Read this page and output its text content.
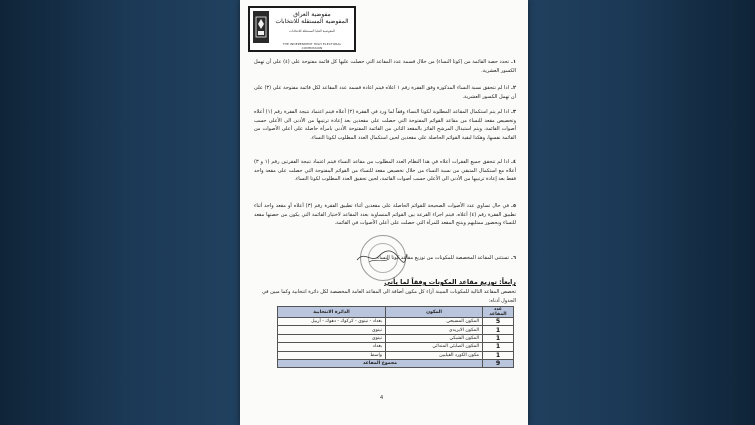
مفوضية العراق
المفوضية المستقلة للانتخابات
المفوضية العليا المستقلة للانتخابات
THE INDEPENDENT HIGH ELECTORAL COMMISSION
١.تحدد حصة القائمة من (كوتا النساء) من خلال قسمة عدد المقاعد التي حصلت عليها كل قائمة مفتوحة على (٤) على أن تهمل الكسور العشرية.
٢.اذا لم تتحقق نسبة النساء المذكورة وفق الفقرة رقم ١ اعلاه فيتم اعادة قسمة عدد المقاعد لكل قائمة مفتوحة على (٣) على أن تهمل الكسور العشرية.
٣.اذا لم يتم استكمال المقاعد المطلوبة لكوتا النساء وفقاً لما ورد في الفقرة (٢) أعلاه فيتم اعتماد نتيجة الفقرة رقم (١) أعلاه وتخصيص مقعد للنساء من مقاعد القوائم المفتوحة التي حصلت على مقعدين بعد إعادة ترتيبها من الأدنى الى الأعلى حسب أصوات القائمة، ويتم استبدال المرشح الفائز بالمقعد الثاني من القائمة المفتوحة الأدنى بامرأة حاصلة على أعلى الأصوات من القائمة نفسها، وهكذا لبقية القوائم الحاصلة على مقعدين لحين استكمال العدد المطلوب لكوتا النساء.
٤.اذا لم تتحقق جميع الفقرات أعلاه في هذا النظام العدد المطلوب من مقاعد النساء فيتم اعتماد نتيجة الفقرتين رقم (١ و ٣) أعلاه مع استكمال المتبقي من نسبة النساء من خلال تخصيص مقعد للنساء من القوائم المفتوحة التي حصلت على مقعد واحد فقط بعد إعادة ترتيبها من الأدنى الى الأعلى حسب أصوات القائمة، لحين تحقيق العدد المطلوب لكوتا النساء.
٥.في حال تساوي عدد الأصوات الصحيحة للقوائم الحاصلة على مقعدين أثناء تطبيق الفقرة رقم (٣) أعلاه أو مقعد واحد أثناء تطبيق الفقرة رقم (٤) أعلاه، فيتم اجراء القرعة بين القوائم المتساوية بعدد المقاعد لاختيار القائمة التي يكون من حصتها مقعد للنساء وبحضور ممثليهم وينتج المقعد للمرأة التي حصلت على أعلى الأصوات في القائمة.
٦.تستثنى المقاعد المخصصة للمكونات من توزيع مقاعد كوتا النساء.
رابعاً: توزيع مقاعد المكونات وفقاً لما يأتي
تخصص المقاعد التالية للمكونات المبينة أزاء كل مكون أضافة الى المقاعد العامة المخصصة لكل دائرة انتخابية وكما مبين في الجدول أدناه:
عدد المقاعد	المكون	الدائرة الانتخابية
5	المكون المسيحي	بغداد - نينوى - كركوك - دهوك - أربيل
1	المكون الايزيدي	نينوى
1	المكون الشبكي	نينوى
1	المكون الصابئي المندائي	بغداد
1	مكون الكورد الفيليين	واسط
9	مجموع المقاعد	
4
